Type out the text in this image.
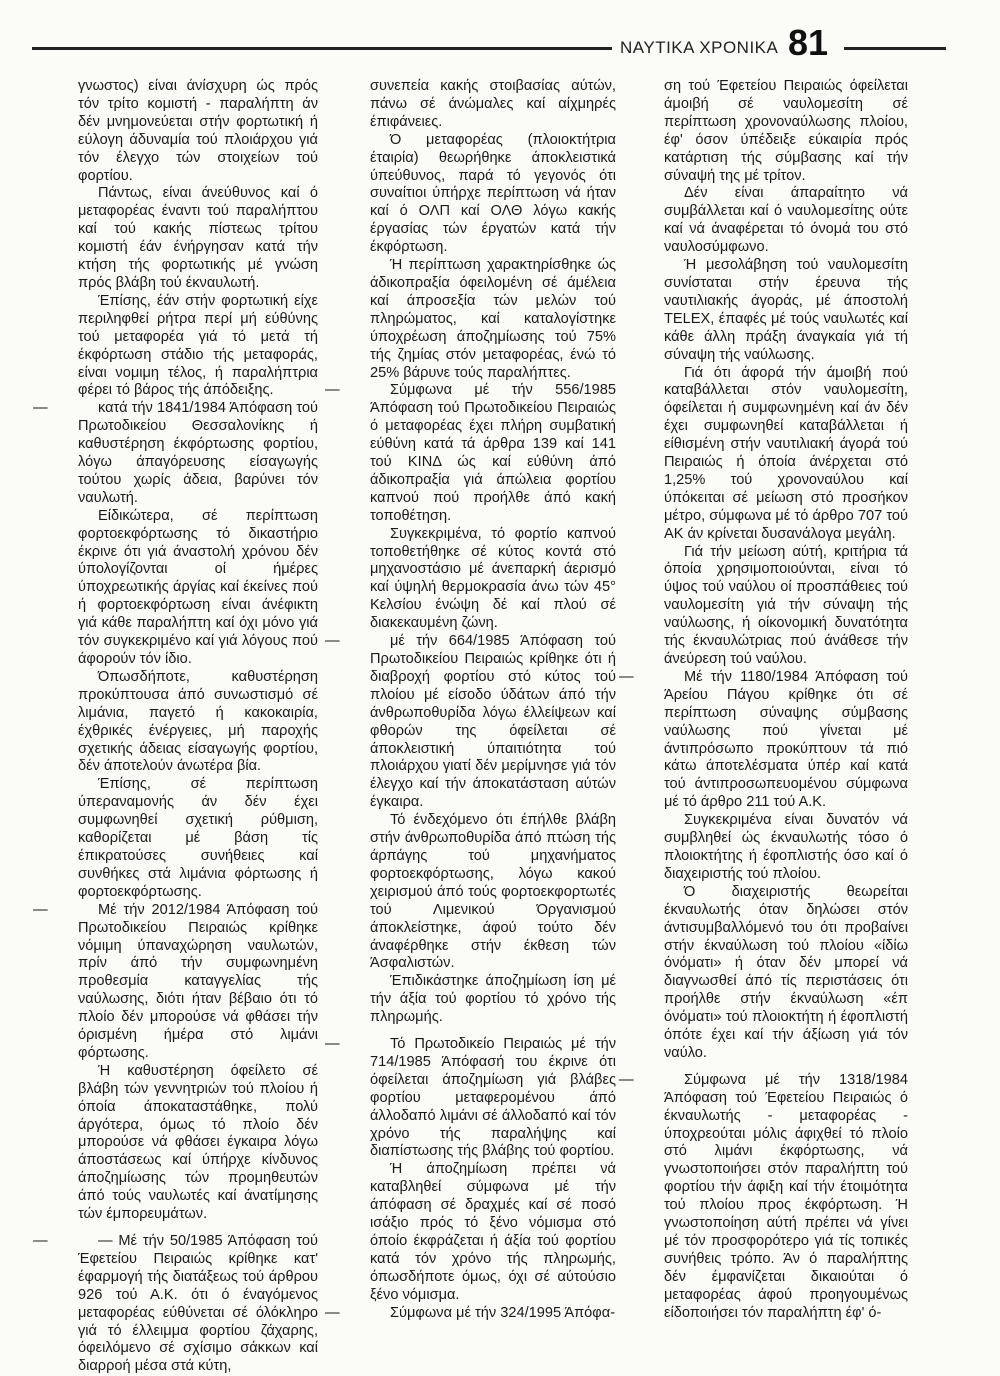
ΝΑΥΤΙΚΑ ΧΡΟΝΙΚΑ 81

γνωστος) είναι άνίσχυρη ώς πρός τόν τρίτο κομιστή - παραλήπτη άν δέν μνημονεύεται στήν φορτωτική ή εύλογη άδυναμία τού πλοιάρχου γιά τόν έλεγχο τών στοιχείων τού φορτίου.

Πάντως, είναι άνεύθυνος καί ό μεταφορέας έναντι τού παραλήπτου καί τού κακής πίστεως τρίτου κομιστή έάν ένήργησαν κατά τήν κτήση τής φορτωτικής μέ γνώση πρός βλάβη τού έκναυλωτή.

Έπίσης, έάν στήν φορτωτική είχε περιληφθεί ρήτρα περί μή εύθύνης τού μεταφορέα γιά τό μετά τή έκφόρτωση στάδιο τής μεταφοράς, είναι νομιμη τέλος, ή παραλήπτρια φέρει τό βάρος τής άπόδειξης.

— κατά τήν 1841/1984 Άπόφαση τού Πρωτοδικείου Θεσσαλονίκης ή καθυστέρηση έκφόρτωσης φορτίου, λόγω άπαγόρευσης είσαγωγής τούτου χωρίς άδεια, βαρύνει τόν ναυλωτή.

Είδικώτερα, σέ περίπτωση φορτοεκφόρτωσης τό δικαστήριο έκρινε ότι γιά άναστολή χρόνου δέν ύπολογίζονται οί ήμέρες ύποχρεωτικής άργίας καί έκείνες πού ή φορτοεκφόρτωση είναι άνέφικτη γιά κάθε παραλήπτη καί όχι μόνο γιά τόν συγκεκριμένο καί γιά λόγους πού άφορούν τόν ίδιο.

Όπωσδήποτε, καθυστέρηση προκύπτουσα άπό συνωστισμό σέ λιμάνια, παγετό ή κακοκαιρία, έχθρικές ένέργειες, μή παροχής σχετικής άδειας είσαγωγής φορτίου, δέν άποτελούν άνωτέρα βία.

Έπίσης, σέ περίπτωση ύπεραναμονής άν δέν έχει συμφωνηθεί σχετική ρύθμιση, καθορίζεται μέ βάση τίς έπικρατούσες συνήθειες καί συνθήκες στά λιμάνια φόρτωσης ή φορτοεκφόρτωσης.

— Μέ τήν 2012/1984 Άπόφαση τού Πρωτοδικείου Πειραιώς κρίθηκε νόμιμη ύπαναχώρηση ναυλωτών, πρίν άπό τήν συμφωνημένη προθεσμία καταγγελίας τής ναύλωσης, διότι ήταν βέβαιο ότι τό πλοίο δέν μπορούσε νά φθάσει τήν όρισμένη ήμέρα στό λιμάνι φόρτωσης.

Ή καθυστέρηση όφείλετο σέ βλάβη τών γεννητριών τού πλοίου ή όποία άποκαταστάθηκε, πολύ άργότερα, όμως τό πλοίο δέν μπορούσε νά φθάσει έγκαιρα λόγω άποστάσεως καί ύπήρχε κίνδυνος άποζημίωσης τών προμηθευτών άπό τούς ναυλωτές καί άνατίμησης τών έμπορευμάτων.

— — Μέ τήν 50/1985 Άπόφαση τού Έφετείου Πειραιώς κρίθηκε κατ' έφαρμογή τής διατάξεως τού άρθρου 926 τού Α.Κ. ότι ό έναγόμενος μεταφορέας εύθύνεται σέ όλόκληρο γιά τό έλλειμμα φορτίου ζάχαρης, όφειλόμενο σέ σχίσιμο σάκκων καί διαρροή μέσα στά κύτη,

συνεπεία κακής στοιβασίας αύτών, πάνω σέ άνώμαλες καί αίχμηρές έπιφάνειες.

Ό μεταφορέας (πλοιοκτήτρια έταιρία) θεωρήθηκε άποκλειστικά ύπεύθυνος, παρά τό γεγονός ότι συναίτιοι ύπήρχε περίπτωση νά ήταν καί ό ΟΛΠ καί ΟΛΘ λόγω κακής έργασίας τών έργατών κατά τήν έκφόρτωση.

Ή περίπτωση χαρακτηρίσθηκε ώς άδικοπραξία όφειλομένη σέ άμέλεια καί άπροσεξία τών μελών τού πληρώματος, καί καταλογίστηκε ύποχρέωση άποζημίωσης τού 75% τής ζημίας στόν μεταφορέας, ένώ τό 25% βάρυνε τούς παραλήπτες.

— Σύμφωνα μέ τήν 556/1985 Άπόφαση τού Πρωτοδικείου Πειραιώς ό μεταφορέας έχει πλήρη συμβατική εύθύνη κατά τά άρθρα 139 καί 141 τού ΚΙΝΔ ώς καί εύθύνη άπό άδικοπραξία γιά άπώλεια φορτίου καπνού πού προήλθε άπό κακή τοποθέτηση.

Συγκεκριμένα, τό φορτίο καπνού τοποθετήθηκε σέ κύτος κοντά στό μηχανοστάσιο μέ άνεπαρκή άερισμό καί ύψηλή θερμοκρασία άνω τών 45° Κελσίου ένώψη δέ καί πλού σέ διακεκαυμένη ζώνη.

— μέ τήν 664/1985 Άπόφαση τού Πρωτοδικείου Πειραιώς κρίθηκε ότι ή διαβροχή φορτίου στό κύτος τού πλοίου μέ είσοδο ύδάτων άπό τήν άνθρωποθυρίδα λόγω έλλείψεων καί φθορών της όφείλεται σέ άποκλειστική ύπαιτιότητα τού πλοιάρχου γιατί δέν μερίμνησε γιά τόν έλεγχο καί τήν άποκατάσταση αύτών έγκαιρα.

Τό ένδεχόμενο ότι έπήλθε βλάβη στήν άνθρωποθυρίδα άπό πτώση τής άρπάγης τού μηχανήματος φορτοεκφόρτωσης, λόγω κακού χειρισμού άπό τούς φορτοεκφορτωτές τού Λιμενικού Όργανισμού άποκλείστηκε, άφού τούτο δέν άναφέρθηκε στήν έκθεση τών Άσφαλιστών.

Έπιδικάστηκε άποζημίωση ίση μέ τήν άξία τού φορτίου τό χρόνο τής πληρωμής.

— Τό Πρωτοδικείο Πειραιώς μέ τήν 714/1985 Άπόφασή του έκρινε ότι όφείλεται άποζημίωση γιά βλάβες φορτίου μεταφερομένου άπό άλλοδαπό λιμάνι σέ άλλοδαπό καί τόν χρόνο τής παραλήψης καί διαπίστωσης τής βλάβης τού φορτίου.

Ή άποζημίωση πρέπει νά καταβληθεί σύμφωνα μέ τήν άπόφαση σέ δραχμές καί σέ ποσό ισάξιο πρός τό ξένο νόμισμα στό όποίο έκφράζεται ή άξία τού φορτίου κατά τόν χρόνο τής πληρωμής, όπωσδήποτε όμως, όχι σέ αύτούσιο ξένο νόμισμα.

— Σύμφωνα μέ τήν 324/1995 Άπόφα-

ση τού Έφετείου Πειραιώς όφείλεται άμοιβή σέ ναυλομεσίτη σέ περίπτωση χρονοναύλωσης πλοίου, έφ' όσον ύπέδειξε εύκαιρία πρός κατάρτιση τής σύμβασης καί τήν σύναψή της μέ τρίτον.

Δέν είναι άπαραίτητο νά συμβάλλεται καί ό ναυλομεσίτης ούτε καί νά άναφέρεται τό όνομά του στό ναυλοσύμφωνο.

Ή μεσολάβηση τού ναυλομεσίτη συνίσταται στήν έρευνα τής ναυτιλιακής άγοράς, μέ άποστολή TELEX, έπαφές μέ τούς ναυλωτές καί κάθε άλλη πράξη άναγκαία γιά τή σύναψη τής ναύλωσης.

Γιά ότι άφορά τήν άμοιβή πού καταβάλλεται στόν ναυλομεσίτη, όφείλεται ή συμφωνημένη καί άν δέν έχει συμφωνηθεί καταβάλλεται ή είθισμένη στήν ναυτιλιακή άγορά τού Πειραιώς ή όποία άνέρχεται στό 1,25% τού χρονοναύλου καί ύπόκειται σέ μείωση στό προσήκον μέτρο, σύμφωνα μέ τό άρθρο 707 τού ΑΚ άν κρίνεται δυσανάλογα μεγάλη.

Γιά τήν μείωση αύτή, κριτήρια τά όποία χρησιμοποιούνται, είναι τό ύψος τού ναύλου οί προσπάθειες τού ναυλομεσίτη γιά τήν σύναψη τής ναύλωσης, ή οίκονομική δυνατότητα τής έκναυλώτριας πού άνάθεσε τήν άνεύρεση τού ναύλου.

— Μέ τήν 1180/1984 Άπόφαση τού Άρείου Πάγου κρίθηκε ότι σέ περίπτωση σύναψης σύμβασης ναύλωσης πού γίνεται μέ άντιπρόσωπο προκύπτουν τά πιό κάτω άποτελέσματα ύπέρ καί κατά τού άντιπροσωπευομένου σύμφωνα μέ τό άρθρο 211 τού Α.Κ.

Συγκεκριμένα είναι δυνατόν νά συμβληθεί ώς έκναυλωτής τόσο ό πλοιοκτήτης ή έφοπλιστής όσο καί ό διαχειριστής τού πλοίου.

Ό διαχειριστής θεωρείται έκναυλωτής όταν δηλώσει στόν άντισυμβαλλόμενό του ότι προβαίνει στήν έκναύλωση τού πλοίου «ίδίω όνόματι» ή όταν δέν μπορεί νά διαγνωσθεί άπό τίς περιστάσεις ότι προήλθε στήν έκναύλωση «έπ όνόματι» τού πλοιοκτήτη ή έφοπλιστή όπότε έχει καί τήν άξίωση γιά τόν ναύλο.

— Σύμφωνα μέ τήν 1318/1984 Άπόφαση τού Έφετείου Πειραιώς ό έκναυλωτής - μεταφορέας - ύποχρεούται μόλις άφιχθεί τό πλοίο στό λιμάνι έκφόρτωσης, νά γνωστοποιήσει στόν παραλήπτη τού φορτίου τήν άφιξη καί τήν έτοιμότητα τού πλοίου προς έκφόρτωση. Ή γνωστοποίηση αύτή πρέπει νά γίνει μέ τόν προσφορότερο γιά τίς τοπικές συνήθεις τρόπο. Άν ό παραλήπτης δέν έμφανίζεται δικαιούται ό μεταφορέας άφού προηγουμένως είδοποιήσει τόν παραλήπτη έφ' ό-
